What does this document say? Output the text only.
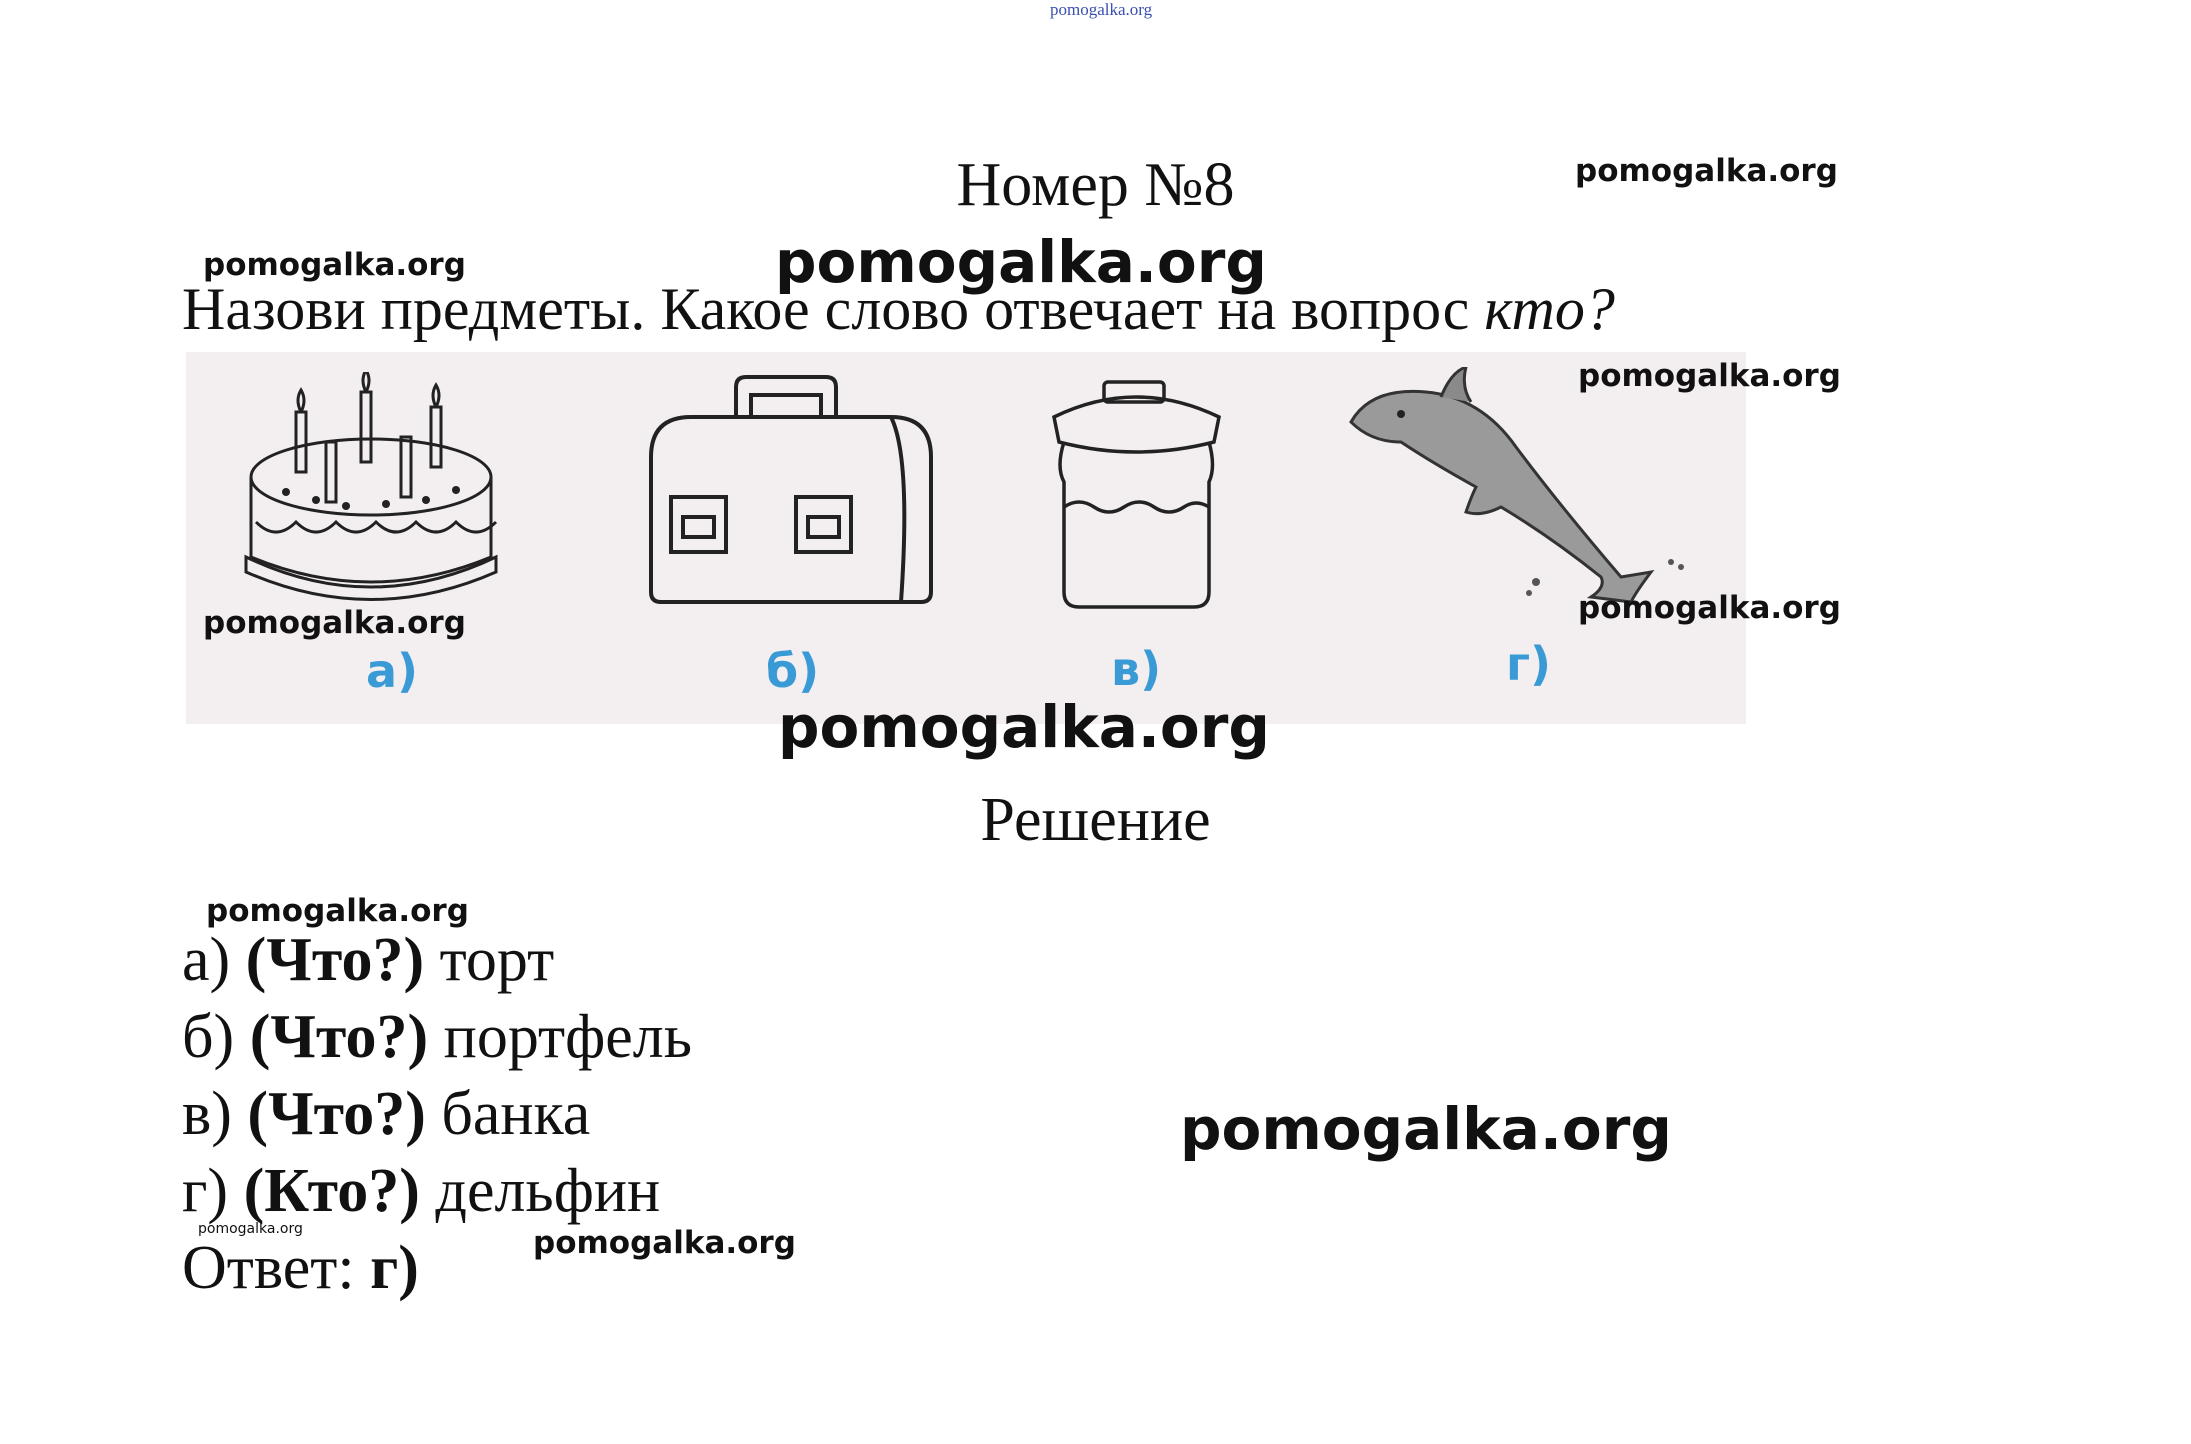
pomogalka.org
Номер №8	pomogalka.org
pomogalka.org	pomogalka.org
Назови предметы. Какое слово отвечает на вопрос кто?
а)	б)	в)	г)
pomogalka.org
pomogalka.org
pomogalka.org
pomogalka.org
Решение
pomogalka.org
а) (Что?) торт
б) (Что?) портфель
в) (Что?) банка
г) (Кто?) дельфин
pomogalka.org
Ответ: г)	pomogalka.org
pomogalka.org
